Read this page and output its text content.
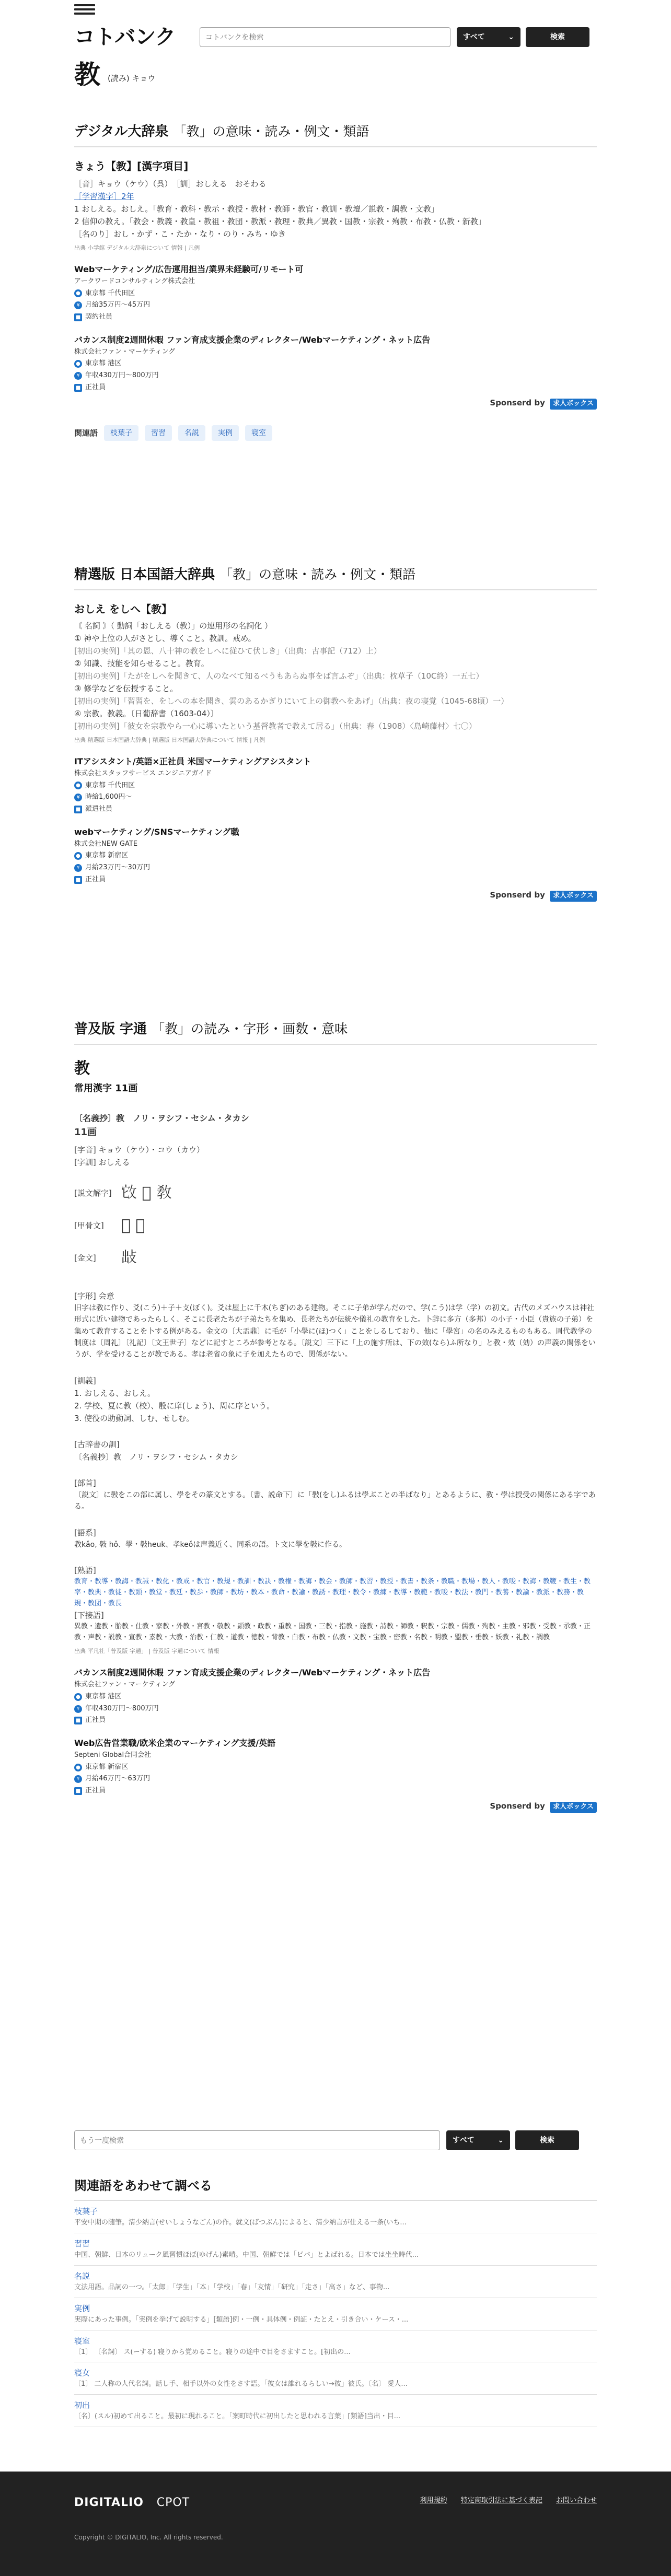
コトバンク
コトバンクを検索	すべて	⌄	検索
教 (読み) キョウ
デジタル大辞泉 「教」の意味・読み・例文・類語
きょう【教】[漢字項目]

［音］キョウ（ケウ）（呉）　［訓］おしえる　おそわる

［学習漢字］2年

1 おしえる。おしえ。「教育・教科・教示・教授・教材・教師・教官・教訓・教壇／説教・調教・文教」

2 信仰の教え。「教会・教義・教皇・教祖・教団・教派・教理・教典／異教・国教・宗教・殉教・布教・仏教・新教」

［名のり］おし・かず・こ・たか・なり・のり・みち・ゆき

出典 小学館 デジタル大辞泉について 情報 | 凡例
Webマーケティング/広告運用担当/業界未経験可/リモート可
アークワードコンサルティング株式会社
● 東京都 千代田区
¥ 月給35万円〜45万円
■ 契約社員
バカンス制度2週間休暇 ファン育成支援企業のディレクター/Webマーケティング・ネット広告
株式会社ファン・マーケティング
● 東京都 港区
¥ 年収430万円〜800万円
■ 正社員
Sponserd by 求人ボックス
関連語	枝葉子	習習	名説	実例	寝室
精選版 日本国語大辞典 「教」の意味・読み・例文・類語
おしえ をしへ【教】

〘 名詞 〙（ 動詞「おしえる（教）」の連用形の名詞化 ）

① 神や上位の人がさとし、導くこと。教訓。戒め。

[初出の実例]「其の恩、八十神の教をしへに従ひて伏しき」（出典：古事記（712）上）

② 知識、技能を知らせること。教育。

[初出の実例]「たがをしへを聞きて、人のなべて知るべうもあらぬ事をば言ふぞ」（出典：枕草子（10C終）一五七）

③ 修学などを伝授すること。

[初出の実例]「習習を、をしへの本を聞き、雲のあるかぎりにいて上の御教へをあげ」（出典：夜の寝覚（1045-68頃）一）

④ 宗教。教義。〔日葡辞書（1603-04）〕

[初出の実例]「彼女を宗教やら一心に導いたという基督教者で教えて居る」（出典：春（1908）〈島崎藤村〉七〇）

出典 精選版 日本国語大辞典 | 精選版 日本国語大辞典について 情報 | 凡例
ITアシスタント/英語×正社員 米国マーケティングアシスタント
株式会社スタッフサービス エンジニアガイド
● 東京都 千代田区
¥ 時給1,600円〜
■ 派遣社員
webマーケティング/SNSマーケティング職
株式会社NEW GATE
● 東京都 新宿区
¥ 月給23万円〜30万円
■ 正社員
Sponserd by 求人ボックス
普及版 字通 「教」の読み・字形・画数・意味
教
常用漢字 11画
〔名義抄〕教　ノリ・ヲシフ・セシム・タカシ
11画

[字音] キョウ（ケウ）・コウ（カウ）

[字訓] おしえる

[説文解字] 𢼊 𢽈 敎
[甲骨文]	𢻊 𢻬
[金文]	𢼍

[字形] 会意

旧字は教に作り、爻(こう)＋子＋攴(ぼく)。爻は屋上に千木(ちぎ)のある建物。そこに子弟が学んだので、学(こう)は学（学）の初文。古代のメズハウスは神社形式に近い建物であったらしく、そこに長老たちが子弟たちを集め、長老たちが伝統や儀礼の教育をした。卜辞に多方（多邦）の小子・小臣（貴族の子弟）を集めて教育することを卜する例がある。金文の〔大盂鼎〕に毛が「小學に(ほ)つく」ことをしるしており、他に「學宮」の名のみえるものもある。周代教学の制度は〔周礼〕〔礼記〕〔文王世子〕などに記すところが参考となる。〔説文〕三下に「上の施す所は、下の效(なら)ふ所なり」と教・效（効）の声義の関係をいうが、学を受けることが教である。孝は老省の象に子を加えたもので、関係がない。

[訓義]

1. おしえる、おしえ。

2. 学校、夏に教（校）、殷に庠(しょう)、周に序という。

3. 使役の助動詞、しむ、せしむ。

[古辞書の訓]

〔名義抄〕教　ノリ・ヲシフ・セシム・タカシ

[部首]

〔説文〕に斅をこの部に属し、學をその篆文とする。〔書、説命下〕に「斅(をし)ふるは學ぶことの半ばなり」とあるように、教・學は授受の関係にある字である。

[語系]

教kǎo, 斅 hǒ、學・斅heuk、孝keǒは声義近く、同系の語。ト文に學を斅に作る。

[熟語]

教育・教導・教誨・教誡・教化・教戒・教官・教規・教訓・教訣・教権・教誨・教会・教師・教習・教授・教書・教条・教職・教場・教人・教唆・教誨・教鞭・教生・教率・教典・教徒・教頭・教堂・教廷・教歩・教師・教坊・教本・教命・教諭・教誘・教理・教令・教練・教導・教範・教唆・教法・教門・教養・教論・教派・教務・教規・教団・教長

[下接語]

異教・遺教・胎教・仕教・家教・外教・宮教・敬教・顕教・政教・重教・国教・三教・指教・施教・詩教・師教・釈教・宗教・儒教・殉教・主教・邪教・受教・承教・正教・声教・説教・宣教・素教・大教・治教・仁教・道教・徳教・背教・白教・布教・仏教・文教・宝教・密教・名教・明教・盟教・垂教・妖教・礼教・調教

出典 平凡社「普及版 字通」 | 普及版 字通について 情報
バカンス制度2週間休暇 ファン育成支援企業のディレクター/Webマーケティング・ネット広告
株式会社ファン・マーケティング
● 東京都 港区
¥ 年収430万円〜800万円
■ 正社員
Web広告営業職/欧米企業のマーケティング支援/英語
Septeni Global合同会社
● 東京都 新宿区
¥ 月給46万円〜63万円
■ 正社員
Sponserd by 求人ボックス
もう一度検索
すべて	⌄	検索
関連語をあわせて調べる
枝葉子
平安中期の随筆。清少納言(せいしょうなごん)の作。就文(ばつぶん)によると、清少納言が仕える一条(いち...
習習
中国、朝鮮、日本のリューク風習慣ほぼ(ゆげん)素晴。中国、朝鮮では「ピバ」とよばれる。日本では坐坐時代...
名説
文法用語。品詞の一つ。「太郎」「学生」「本」「学校」「春」「友情」「研究」「走さ」「高さ」など、事物...
実例
実際にあった事例。「実例を挙げて説明する」[類語]例・一例・具体例・例証・たとえ・引き合い・ケース・...
寝室
〔1〕 〔名詞〕 ス(ーする) 寝りから覚めること。寝りの途中で目をさますこと。[初出の...
寝女
〔1〕 二人称の人代名詞。話し手、相手以外の女性をさす語。「彼女は誰れるらしい→彼」彼氏。〔名〕 愛人...
初出
〔名〕(スル)初めて出ること。最初に現れること。「案町時代に初出したと思われる言葉」[類語]当出・目...
DIGITALIO CPOT	利用規約 特定商取引法に基づく表記 お問い合わせ
Copyright © DIGITALIO, Inc. All rights reserved.
